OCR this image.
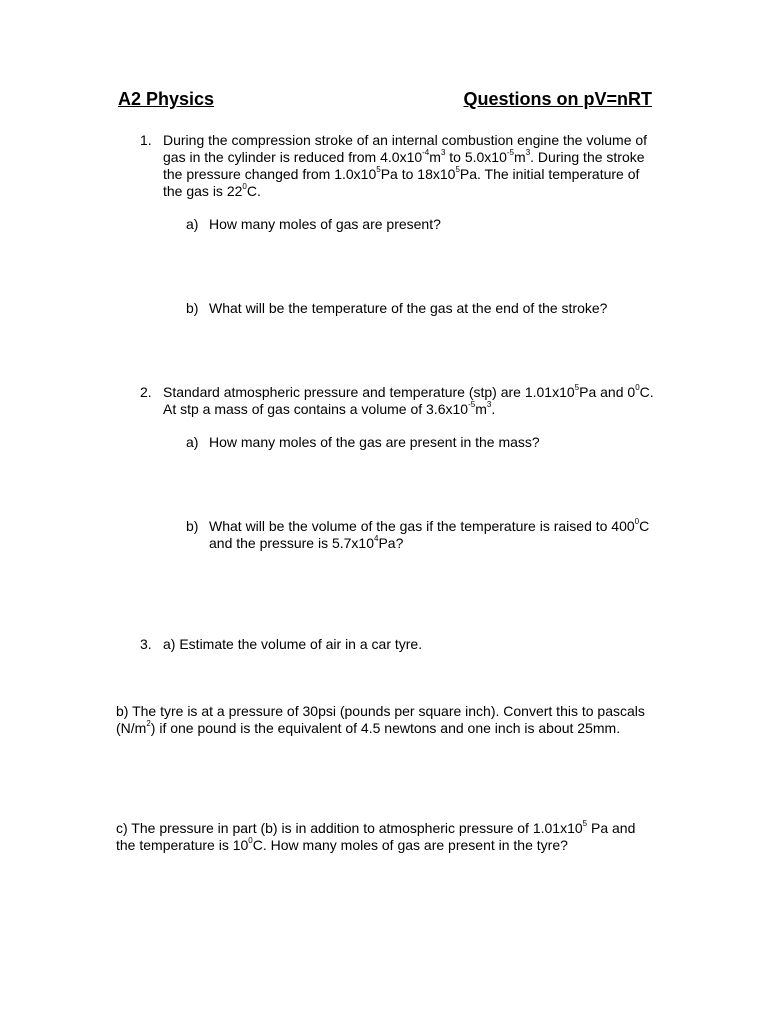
A2 Physics	Questions on pV=nRT
1. During the compression stroke of an internal combustion engine the volume of gas in the cylinder is reduced from $4.0x10^{-4}m^3$ to $5.0x10^{-5}m^3$. During the stroke the pressure changed from $1.0x10^5Pa$ to $18x10^5Pa$. The initial temperature of the gas is $22^0C$.
a) How many moles of gas are present?
b) What will be the temperature of the gas at the end of the stroke?
2. Standard atmospheric pressure and temperature (stp) are $1.01x10^5Pa$ and $0^0C$. At stp a mass of gas contains a volume of $3.6x10^{-5}m^3$.
a) How many moles of the gas are present in the mass?
b) What will be the volume of the gas if the temperature is raised to $400^0C$ and the pressure is $5.7x10^4Pa$?
3. a) Estimate the volume of air in a car tyre.
b) The tyre is at a pressure of 30psi (pounds per square inch). Convert this to pascals $(N/m^2)$ if one pound is the equivalent of 4.5 newtons and one inch is about 25mm.
c) The pressure in part (b) is in addition to atmospheric pressure of $1.01x10^5$ Pa and the temperature is $10^0C$. How many moles of gas are present in the tyre?
